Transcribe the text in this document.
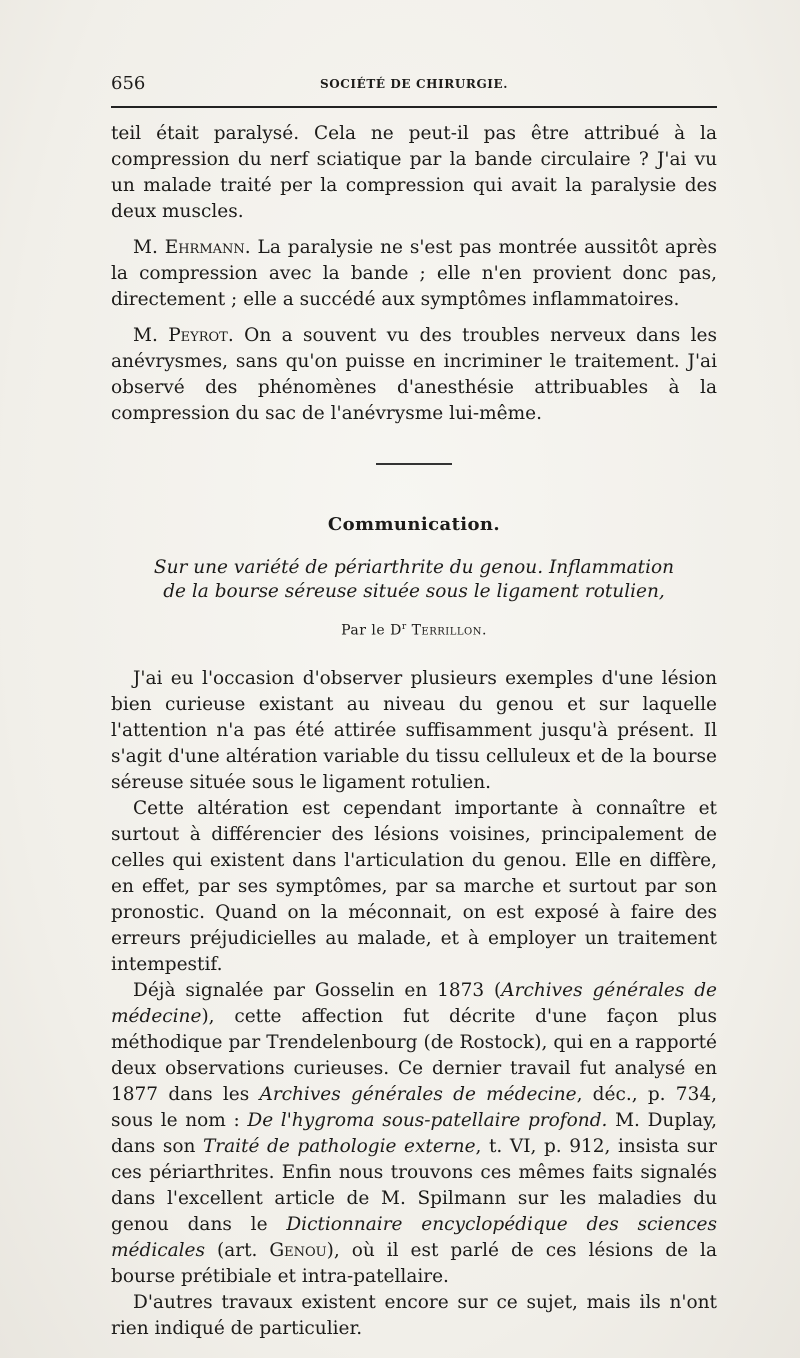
656	SOCIÉTÉ DE CHIRURGIE.

teil était paralysé. Cela ne peut-il pas être attribué à la compression du nerf sciatique par la bande circulaire ? J'ai vu un malade traité per la compression qui avait la paralysie des deux muscles.

M. Ehrmann. La paralysie ne s'est pas montrée aussitôt après la compression avec la bande ; elle n'en provient donc pas, directement ; elle a succédé aux symptômes inflammatoires.

M. Peyrot. On a souvent vu des troubles nerveux dans les anévrysmes, sans qu'on puisse en incriminer le traitement. J'ai observé des phénomènes d'anesthésie attribuables à la compression du sac de l'anévrysme lui-même.

Communication.
Sur une variété de périarthrite du genou. Inflammation
de la bourse séreuse située sous le ligament rotulien,
Par le $D^r$ Terrillon.

J'ai eu l'occasion d'observer plusieurs exemples d'une lésion bien curieuse existant au niveau du genou et sur laquelle l'attention n'a pas été attirée suffisamment jusqu'à présent. Il s'agit d'une altération variable du tissu celluleux et de la bourse séreuse située sous le ligament rotulien.

Cette altération est cependant importante à connaître et surtout à différencier des lésions voisines, principalement de celles qui existent dans l'articulation du genou. Elle en diffère, en effet, par ses symptômes, par sa marche et surtout par son pronostic. Quand on la méconnait, on est exposé à faire des erreurs préjudicielles au malade, et à employer un traitement intempestif.

Déjà signalée par Gosselin en 1873 (Archives générales de médecine), cette affection fut décrite d'une façon plus méthodique par Trendelenbourg (de Rostock), qui en a rapporté deux observations curieuses. Ce dernier travail fut analysé en 1877 dans les Archives générales de médecine, déc., p. 734, sous le nom : De l'hygroma sous-patellaire profond. M. Duplay, dans son Traité de pathologie externe, t. VI, p. 912, insista sur ces périarthrites. Enfin nous trouvons ces mêmes faits signalés dans l'excellent article de M. Spilmann sur les maladies du genou dans le Dictionnaire encyclopédique des sciences médicales (art. Genou), où il est parlé de ces lésions de la bourse prétibiale et intra-patellaire.

D'autres travaux existent encore sur ce sujet, mais ils n'ont rien indiqué de particulier.
